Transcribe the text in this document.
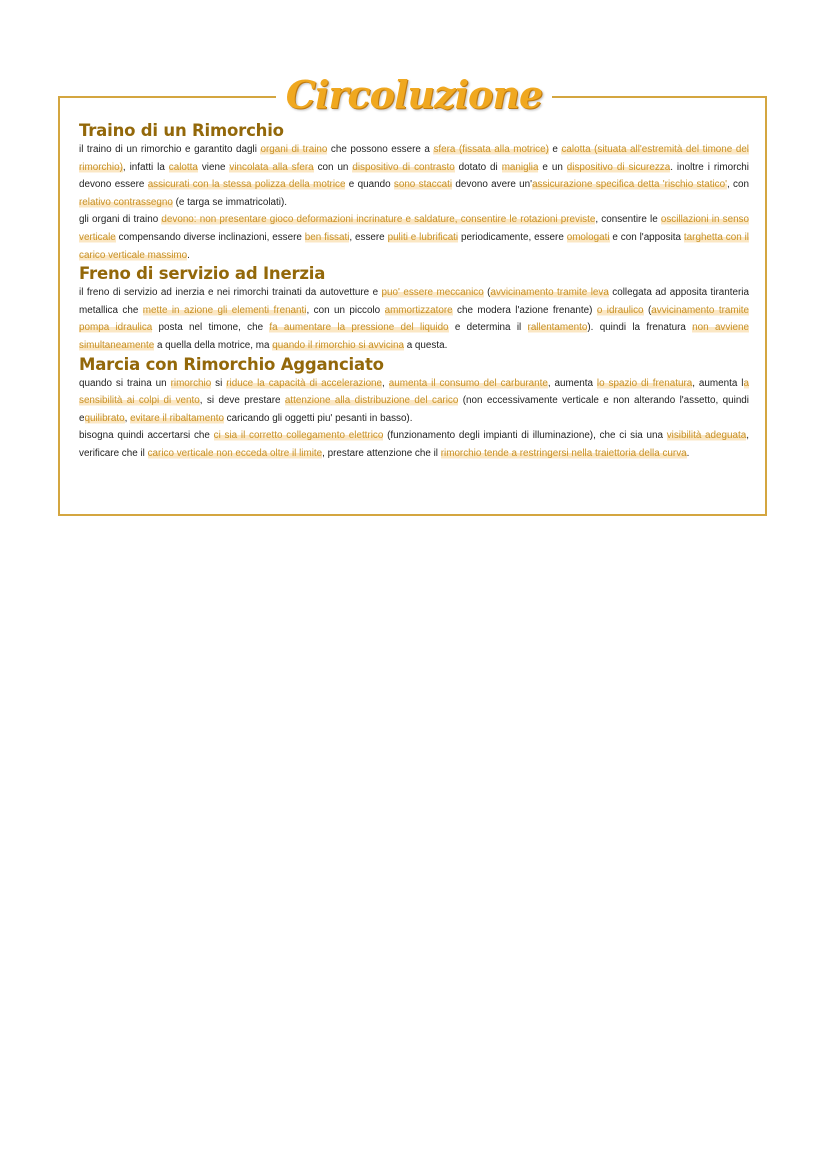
Circoluzione
Traino di un Rimorchio

il traino di un rimorchio e garantito dagli organi di traino che possono essere a sfera (fissata alla motrice) e calotta (situata all'estremità del timone del rimorchio), infatti la calotta viene vincolata alla sfera con un dispositivo di contrasto dotato di maniglia e un dispositivo di sicurezza. inoltre i rimorchi devono essere assicurati con la stessa polizza della motrice e quando sono staccati devono avere un'assicurazione specifica detta 'rischio statico', con relativo contrassegno (e targa se immatricolati).

gli organi di traino devono: non presentare gioco deformazioni incrinature e saldature, consentire le rotazioni previste, consentire le oscillazioni in senso verticale compensando diverse inclinazioni, essere ben fissati, essere puliti e lubrificati periodicamente, essere omologati e con l'apposita targhetta con il carico verticale massimo.

Freno di servizio ad Inerzia

il freno di servizio ad inerzia e nei rimorchi trainati da autovetture e puo' essere meccanico (avvicinamento tramite leva collegata ad apposita tiranteria metallica che mette in azione gli elementi frenanti, con un piccolo ammortizzatore che modera l'azione frenante) o idraulico (avvicinamento tramite pompa idraulica posta nel timone, che fa aumentare la pressione del liquido e determina il rallentamento). quindi la frenatura non avviene simultaneamente a quella della motrice, ma quando il rimorchio si avvicina a questa.

Marcia con Rimorchio Agganciato

quando si traina un rimorchio si riduce la capacità di accelerazione, aumenta il consumo del carburante, aumenta lo spazio di frenatura, aumenta la sensibilità ai colpi di vento, si deve prestare attenzione alla distribuzione del carico (non eccessivamente verticale e non alterando l'assetto, quindi equilibrato, evitare il ribaltamento caricando gli oggetti piu' pesanti in basso).

bisogna quindi accertarsi che ci sia il corretto collegamento elettrico (funzionamento degli impianti di illuminazione), che ci sia una visibilità adeguata, verificare che il carico verticale non ecceda oltre il limite, prestare attenzione che il rimorchio tende a restringersi nella traiettoria della curva.
